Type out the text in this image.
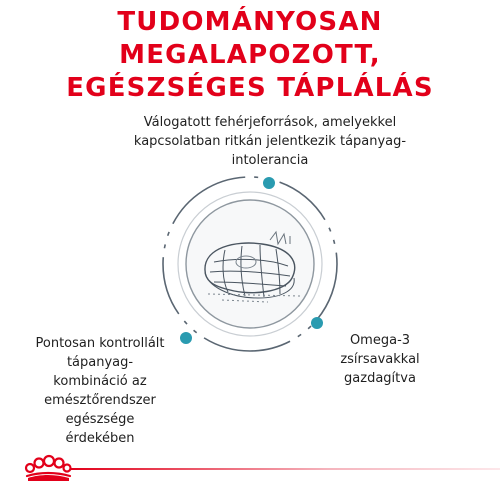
TUDOMÁNYOSAN MEGALAPOZOTT,
EGÉSZSÉGES TÁPLÁLÁS

Válogatott fehérjeforrások, amelyekkel
kapcsolatban ritkán jelentkezik tápanyag-
intolerancia

Pontosan kontrollált
tápanyag-
kombináció az
emésztőrendszer
egészsége
érdekében

Omega-3
zsírsavakkal
gazdagítva
